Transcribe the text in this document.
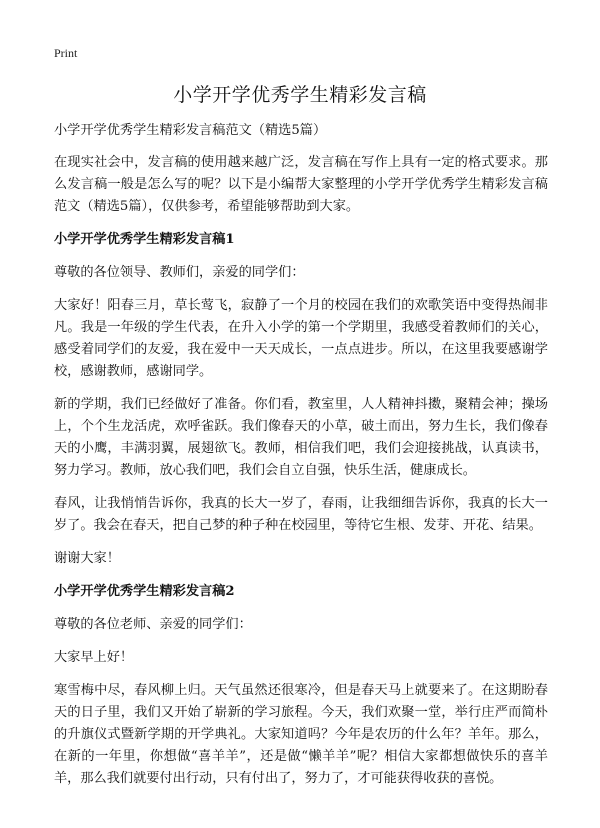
Print
小学开学优秀学生精彩发言稿

小学开学优秀学生精彩发言稿范文（精选5篇）

在现实社会中，发言稿的使用越来越广泛，发言稿在写作上具有一定的格式要求。那么发言稿一般是怎么写的呢？以下是小编帮大家整理的小学开学优秀学生精彩发言稿范文（精选5篇），仅供参考，希望能够帮助到大家。

小学开学优秀学生精彩发言稿1

尊敬的各位领导、教师们，亲爱的同学们：

大家好！阳春三月，草长莺飞，寂静了一个月的校园在我们的欢歌笑语中变得热闹非凡。我是一年级的学生代表，在升入小学的第一个学期里，我感受着教师们的关心，感受着同学们的友爱，我在爱中一天天成长，一点点进步。所以，在这里我要感谢学校，感谢教师，感谢同学。

新的学期，我们已经做好了准备。你们看，教室里，人人精神抖擞，聚精会神；操场上，个个生龙活虎，欢呼雀跃。我们像春天的小草，破土而出，努力生长，我们像春天的小鹰，丰满羽翼，展翅欲飞。教师，相信我们吧，我们会迎接挑战，认真读书，努力学习。教师，放心我们吧，我们会自立自强，快乐生活，健康成长。

春风，让我悄悄告诉你，我真的长大一岁了，春雨，让我细细告诉你，我真的长大一岁了。我会在春天，把自己梦的种子种在校园里，等待它生根、发芽、开花、结果。

谢谢大家！

小学开学优秀学生精彩发言稿2

尊敬的各位老师、亲爱的同学们：

大家早上好！

寒雪梅中尽，春风柳上归。天气虽然还很寒冷，但是春天马上就要来了。在这期盼春天的日子里，我们又开始了崭新的学习旅程。今天，我们欢聚一堂，举行庄严而简朴的升旗仪式暨新学期的开学典礼。大家知道吗？今年是农历的什么年？羊年。那么，在新的一年里，你想做“喜羊羊”，还是做“懒羊羊”呢？相信大家都想做快乐的喜羊羊，那么我们就要付出行动，只有付出了，努力了，才可能获得收获的喜悦。
